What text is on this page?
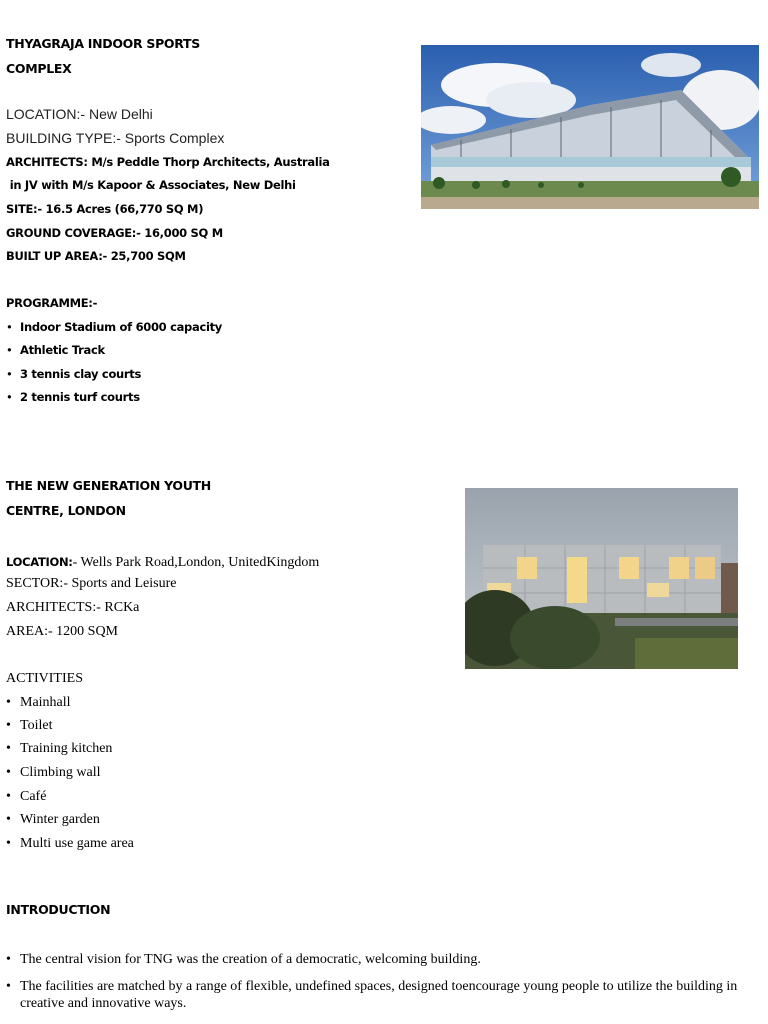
THYAGRAJA INDOOR SPORTS
COMPLEX
LOCATION:- New Delhi
BUILDING TYPE:- Sports Complex
ARCHITECTS: M/s Peddle Thorp Architects, Australia
in JV with M/s Kapoor & Associates, New Delhi
SITE:- 16.5 Acres (66,770 SQ M)
GROUND COVERAGE:- 16,000 SQ M
BUILT UP AREA:- 25,700 SQM
PROGRAMME:-
• Indoor Stadium of 6000 capacity
• Athletic Track
• 3 tennis clay courts
• 2 tennis turf courts
THE NEW GENERATION YOUTH
CENTRE, LONDON
LOCATION:- Wells Park Road,London, UnitedKingdom
SECTOR:- Sports and Leisure
ARCHITECTS:- RCKa
AREA:- 1200 SQM
ACTIVITIES
• Mainhall
• Toilet
• Training kitchen
• Climbing wall
• Café
• Winter garden
• Multi use game area
INTRODUCTION
• The central vision for TNG was the creation of a democratic, welcoming building.
• The facilities are matched by a range of flexible, undefined spaces, designed toencourage young people to utilize the building in creative and innovative ways.
